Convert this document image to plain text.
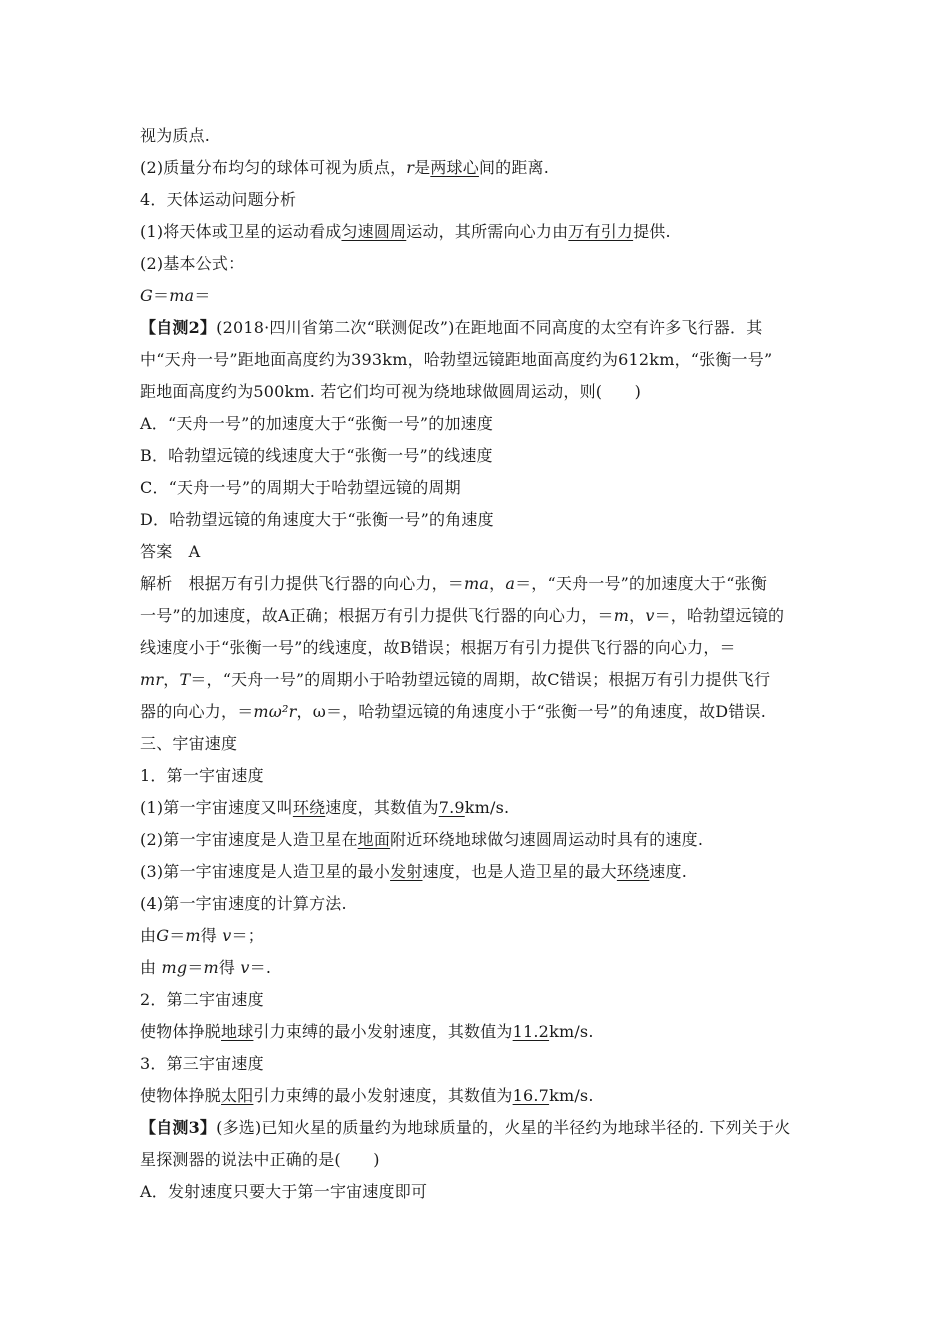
视为质点.
(2)质量分布均匀的球体可视为质点，r是两球心间的距离.
4．天体运动问题分析
(1)将天体或卫星的运动看成匀速圆周运动，其所需向心力由万有引力提供.
(2)基本公式：
G＝ma＝
【自测2】(2018·四川省第二次“联测促改”)在距地面不同高度的太空有许多飞行器．其
中“天舟一号”距地面高度约为393km，哈勃望远镜距地面高度约为612km，“张衡一号”
距地面高度约为500km. 若它们均可视为绕地球做圆周运动，则(　　)
A．“天舟一号”的加速度大于“张衡一号”的加速度
B．哈勃望远镜的线速度大于“张衡一号”的线速度
C．“天舟一号”的周期大于哈勃望远镜的周期
D．哈勃望远镜的角速度大于“张衡一号”的角速度
答案　A
解析　根据万有引力提供飞行器的向心力，＝ma，a＝，“天舟一号”的加速度大于“张衡
一号”的加速度，故A正确；根据万有引力提供飞行器的向心力，＝m，v＝，哈勃望远镜的
线速度小于“张衡一号”的线速度，故B错误；根据万有引力提供飞行器的向心力，＝
mr，T＝，“天舟一号”的周期小于哈勃望远镜的周期，故C错误；根据万有引力提供飞行
器的向心力，＝mω²r，ω＝，哈勃望远镜的角速度小于“张衡一号”的角速度，故D错误.
三、宇宙速度
1．第一宇宙速度
(1)第一宇宙速度又叫环绕速度，其数值为7.9km/s.
(2)第一宇宙速度是人造卫星在地面附近环绕地球做匀速圆周运动时具有的速度.
(3)第一宇宙速度是人造卫星的最小发射速度，也是人造卫星的最大环绕速度.
(4)第一宇宙速度的计算方法.
由G＝m得 v＝；
由 mg＝m得 v＝.
2．第二宇宙速度
使物体挣脱地球引力束缚的最小发射速度，其数值为11.2km/s.
3．第三宇宙速度
使物体挣脱太阳引力束缚的最小发射速度，其数值为16.7km/s.
【自测3】(多选)已知火星的质量约为地球质量的，火星的半径约为地球半径的. 下列关于火
星探测器的说法中正确的是(　　)
A．发射速度只要大于第一宇宙速度即可
